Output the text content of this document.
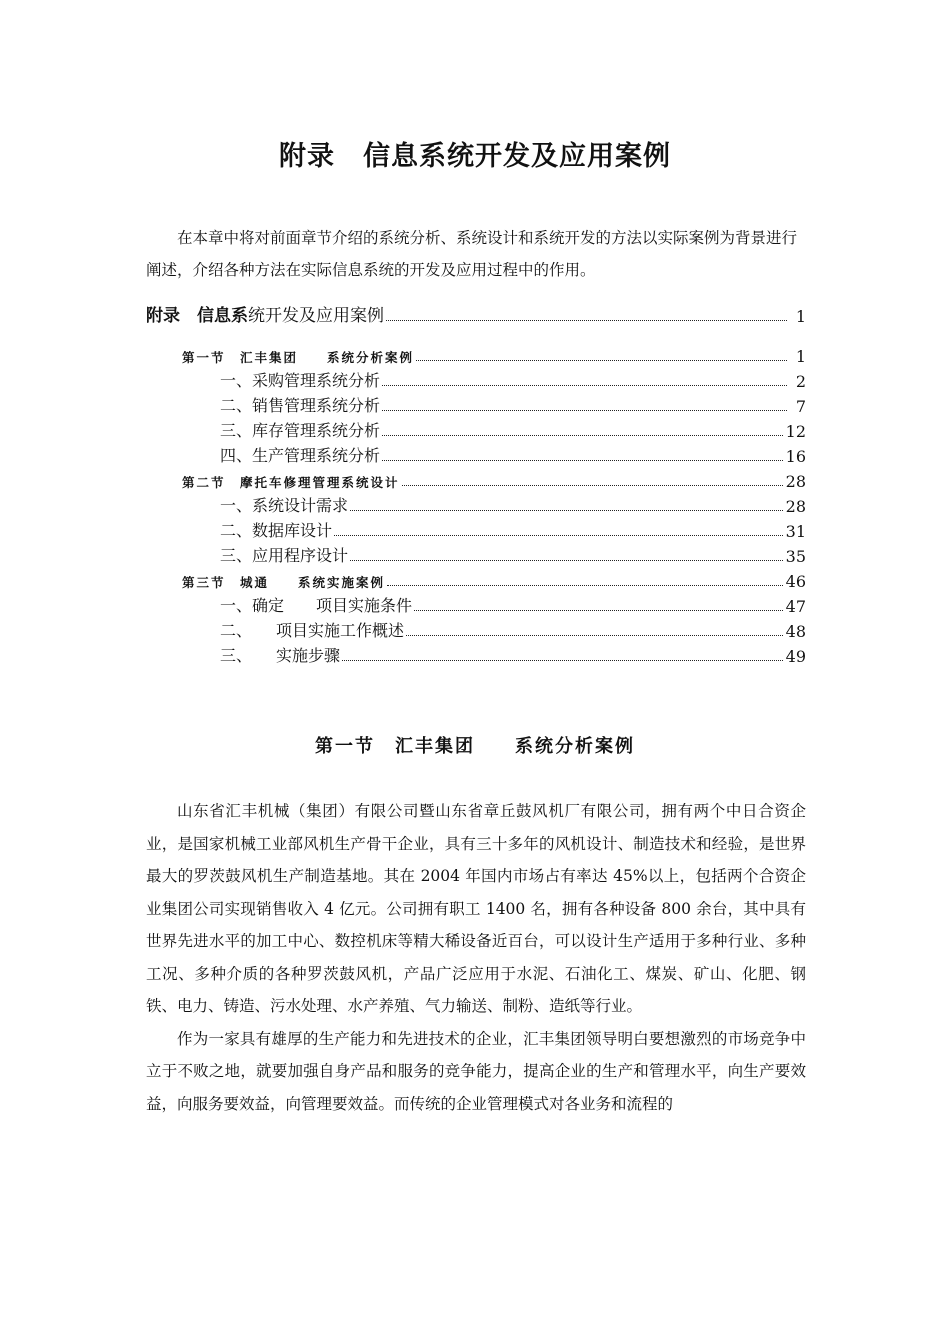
附录　信息系统开发及应用案例
在本章中将对前面章节介绍的系统分析、系统设计和系统开发的方法以实际案例为背景进行阐述，介绍各种方法在实际信息系统的开发及应用过程中的作用。
附录　信息系统开发及应用案例	1
第一节　汇丰集团　　系统分析案例	1
一、采购管理系统分析	2
二、销售管理系统分析	7
三、库存管理系统分析	12
四、生产管理系统分析	16
第二节　摩托车修理管理系统设计	28
一、系统设计需求	28
二、数据库设计	31
三、应用程序设计	35
第三节　城通　　系统实施案例	46
一、确定　　项目实施条件	47
二、　　项目实施工作概述	48
三、　　实施步骤	49
第一节　汇丰集团　　系统分析案例

山东省汇丰机械（集团）有限公司暨山东省章丘鼓风机厂有限公司，拥有两个中日合资企业，是国家机械工业部风机生产骨干企业，具有三十多年的风机设计、制造技术和经验，是世界最大的罗茨鼓风机生产制造基地。其在 2004 年国内市场占有率达 45%以上，包括两个合资企业集团公司实现销售收入 4 亿元。公司拥有职工 1400 名，拥有各种设备 800 余台，其中具有世界先进水平的加工中心、数控机床等精大稀设备近百台，可以设计生产适用于多种行业、多种工况、多种介质的各种罗茨鼓风机，产品广泛应用于水泥、石油化工、煤炭、矿山、化肥、钢铁、电力、铸造、污水处理、水产养殖、气力输送、制粉、造纸等行业。

作为一家具有雄厚的生产能力和先进技术的企业，汇丰集团领导明白要想激烈的市场竞争中立于不败之地，就要加强自身产品和服务的竞争能力，提高企业的生产和管理水平，向生产要效益，向服务要效益，向管理要效益。而传统的企业管理模式对各业务和流程的
